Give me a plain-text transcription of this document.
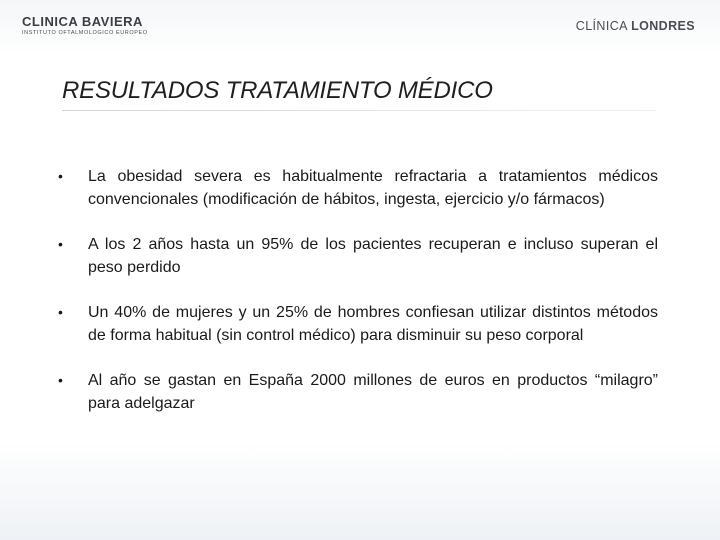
CLINICA BAVIERA
INSTITUTO OFTALMOLOGICO EUROPEO	CLÍNICA LONDRES
RESULTADOS TRATAMIENTO MÉDICO
•	La obesidad severa es habitualmente refractaria a tratamientos médicos convencionales (modificación de hábitos, ingesta, ejercicio y/o fármacos)
•	A los 2 años hasta un 95% de los pacientes recuperan e incluso superan el peso perdido
•	Un 40% de mujeres y un 25% de hombres confiesan utilizar distintos métodos de forma habitual (sin control médico) para disminuir su peso corporal
•	Al año se gastan en España 2000 millones de euros en productos “milagro” para adelgazar
